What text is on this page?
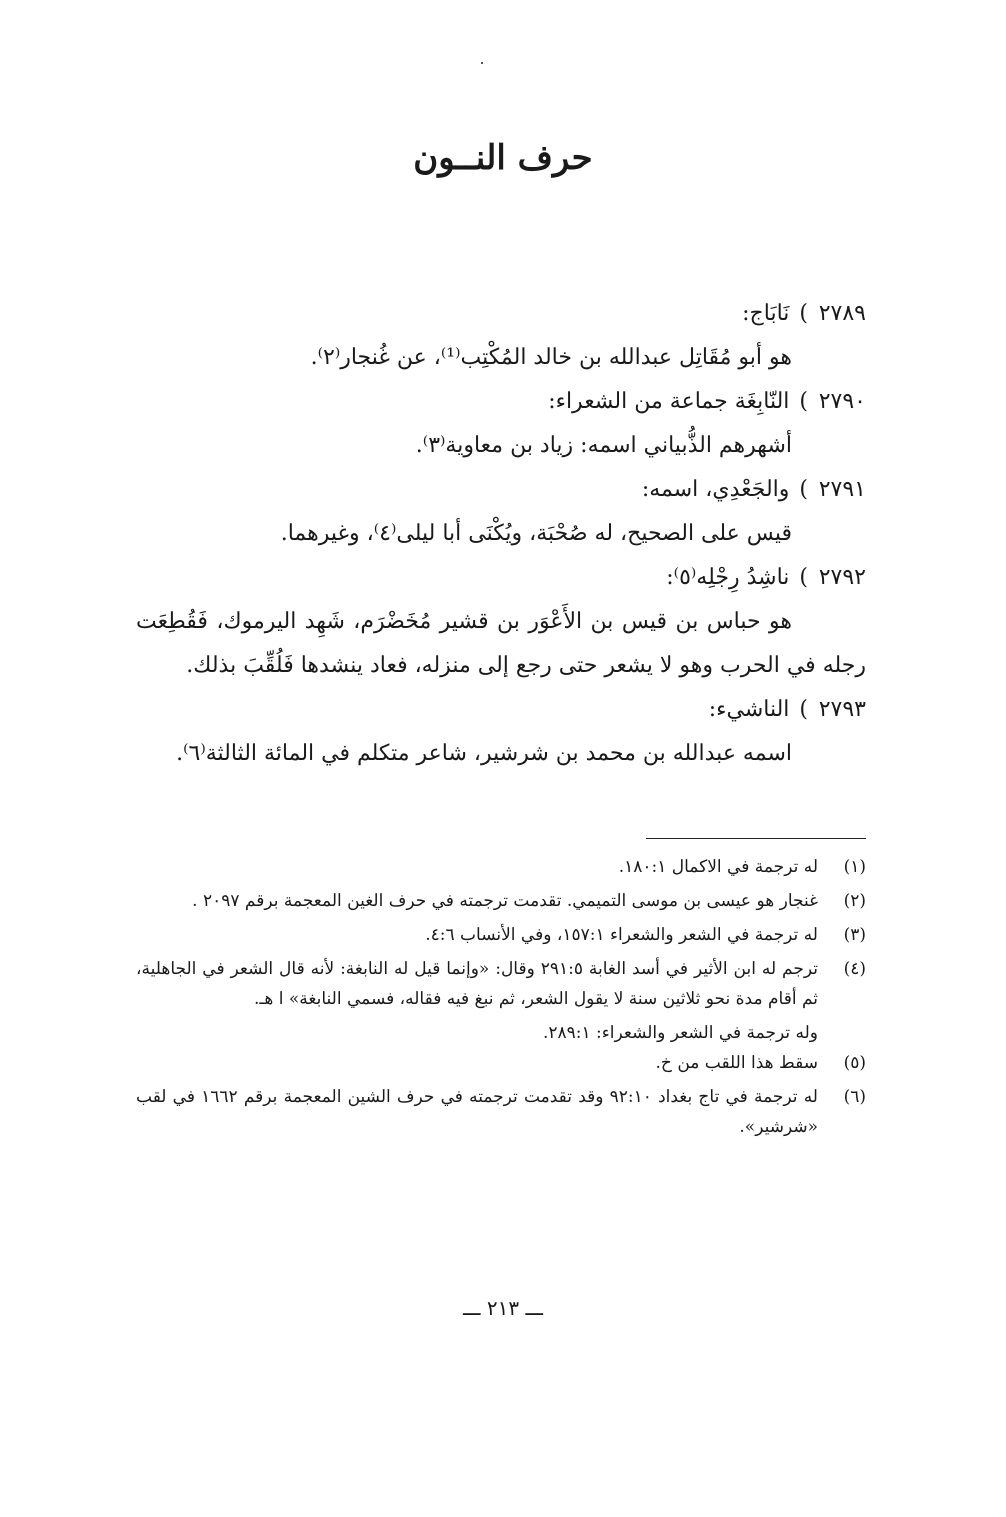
حرف النــون
٢٧٨٩
)
نَابَاج:
هو أبو مُقَاتِل عبدالله بن خالد المُكْتِب⁽¹⁾، عن غُنجار⁽٢⁾.
٢٧٩٠
)
النّابِغَة جماعة من الشعراء:
أشهرهم الذُّبياني اسمه: زياد بن معاوية⁽٣⁾.
٢٧٩١
)
والجَعْدِي، اسمه:
قيس على الصحيح، له صُحْبَة، ويُكْنَى أبا ليلى⁽٤⁾، وغيرهما.
٢٧٩٢
)
ناشِدُ رِجْلِه⁽٥⁾:
هو حباس بن قيس بن الأَعْوَر بن قشير مُخَضْرَم، شَهِد اليرموك، فَقُطِعَت رجله في الحرب وهو لا يشعر حتى رجع إلى منزله، فعاد ينشدها فَلُقِّبَ بذلك.
٢٧٩٣
)
الناشيء:
اسمه عبدالله بن محمد بن شرشير، شاعر متكلم في المائة الثالثة⁽٦⁾.
(١)
له ترجمة في الاكمال ١٨٠:١.
(٢)
غنجار هو عيسى بن موسى التميمي. تقدمت ترجمته في حرف الغين المعجمة برقم ٢٠٩٧ .
(٣)
له ترجمة في الشعر والشعراء ١٥٧:١، وفي الأنساب ٤:٦.
(٤)
ترجم له ابن الأثير في أسد الغابة ٢٩١:٥ وقال: «وإنما قيل له النابغة: لأنه قال الشعر في الجاهلية، ثم أقام مدة نحو ثلاثين سنة لا يقول الشعر، ثم نبغ فيه فقاله، فسمي النابغة» ا هـ.
وله ترجمة في الشعر والشعراء: ٢٨٩:١.
(٥)
سقط هذا اللقب من خ.
(٦)
له ترجمة في تاج بغداد ٩٢:١٠ وقد تقدمت ترجمته في حرف الشين المعجمة برقم ١٦٦٢ في لقب «شرشير».
ـــ ٢١٣ ـــ
